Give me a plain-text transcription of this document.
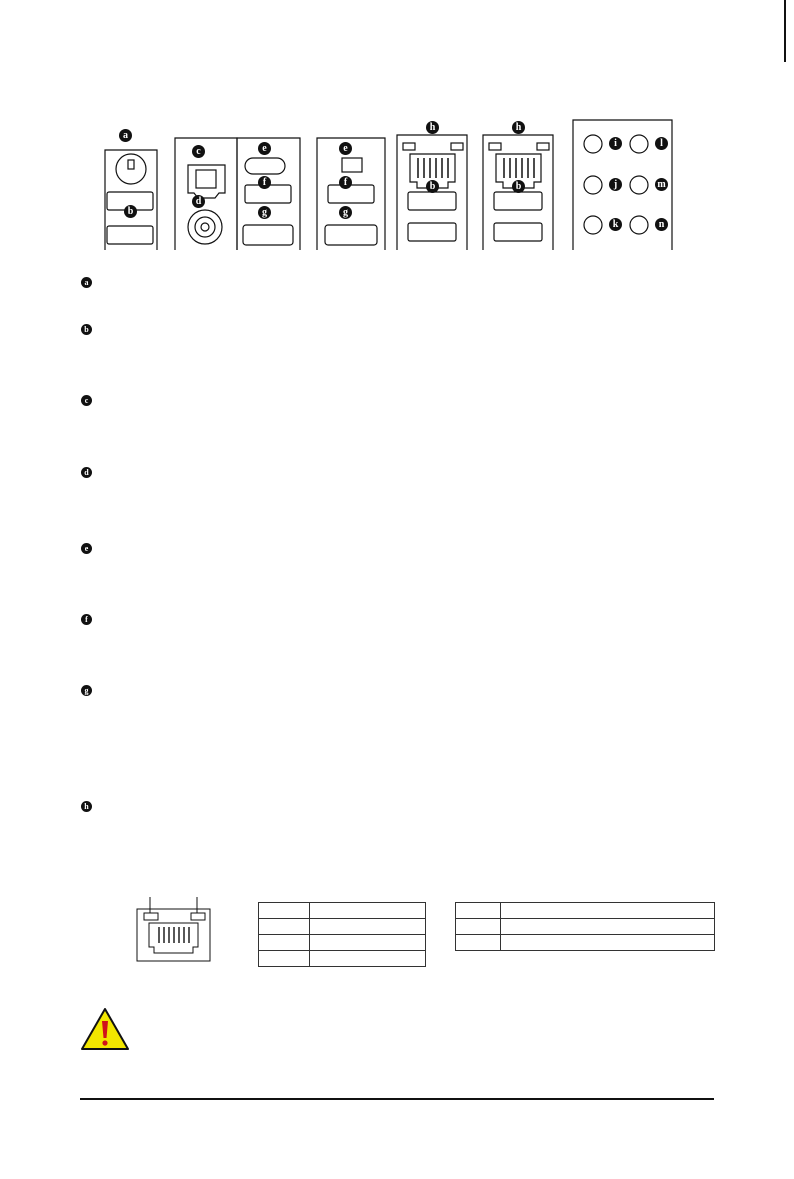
a
b
c
d
e	e
f	f
g	g
h	h
b	b
i
j
k
l
m
n
a
b
c
d
e
f
g
h
